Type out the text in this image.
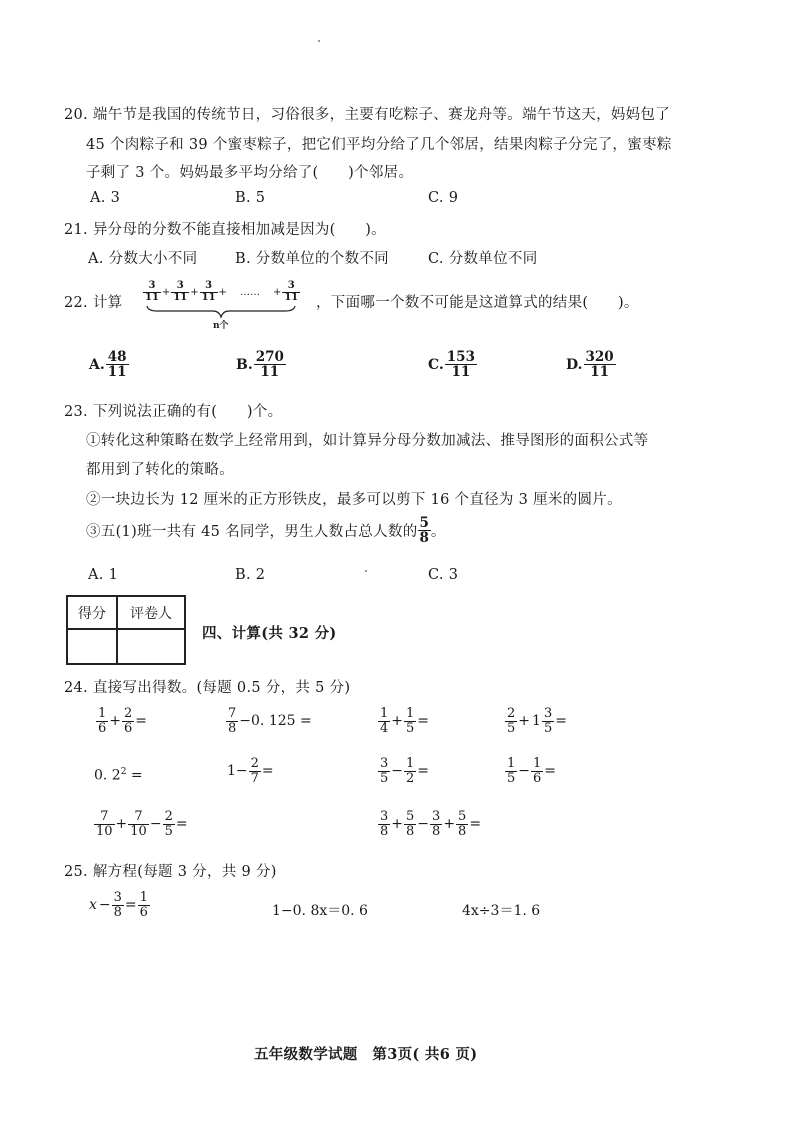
20. 端午节是我国的传统节日，习俗很多，主要有吃粽子、赛龙舟等。端午节这天，妈妈包了
45 个肉粽子和 39 个蜜枣粽子，把它们平均分给了几个邻居，结果肉粽子分完了，蜜枣粽
子剩了 3 个。妈妈最多平均分给了(　　)个邻居。
A. 3	B. 5	C. 9
21. 异分母的分数不能直接相加减是因为(　　)。
A. 分数大小不同	B. 分数单位的个数不同	C. 分数单位不同
22. 计算 $\frac{3}{11} + \frac{3}{11} + \frac{3}{11}$ + …… + $\frac{3}{11}$
n个
，下面哪一个数不可能是这道算式的结果(　　)。
A. $\frac{48}{11}$	B. $\frac{270}{11}$	C. $\frac{153}{11}$	D. $\frac{320}{11}$
23. 下列说法正确的有(　　)个。
①转化这种策略在数学上经常用到，如计算异分母分数加减法、推导图形的面积公式等
都用到了转化的策略。
②一块边长为 12 厘米的正方形铁皮，最多可以剪下 16 个直径为 3 厘米的圆片。
③五(1)班一共有 45 名同学，男生人数占总人数的 $\frac{5}{8}$ 。
A. 1	B. 2	C. 3
得分	评卷人
四、计算(共 32 分)
24. 直接写出得数。(每题 0.5 分，共 5 分)
$\frac{1}{6} + \frac{2}{6}$ =	$\frac{7}{8} -0$. 125 =	$\frac{1}{4} + \frac{1}{5}$ =	$\frac{2}{5} + 1 \frac{3}{5}$ =
0. $2^2$ =	$1- \frac{2}{7}$ =	$\frac{3}{5} - \frac{1}{2}$ =	$\frac{1}{5} - \frac{1}{6}$ =
$\frac{7}{10} + \frac{7}{10} - \frac{2}{5}$ =	$\frac{3}{8} + \frac{5}{8} - \frac{3}{8} + \frac{5}{8}$ =
25. 解方程(每题 3 分，共 9 分)
$x - \frac{3}{8} = \frac{1}{6}$	1−0. 8x＝0. 6	4x÷3＝1. 6
五年级数学试题　第3页( 共6 页)
